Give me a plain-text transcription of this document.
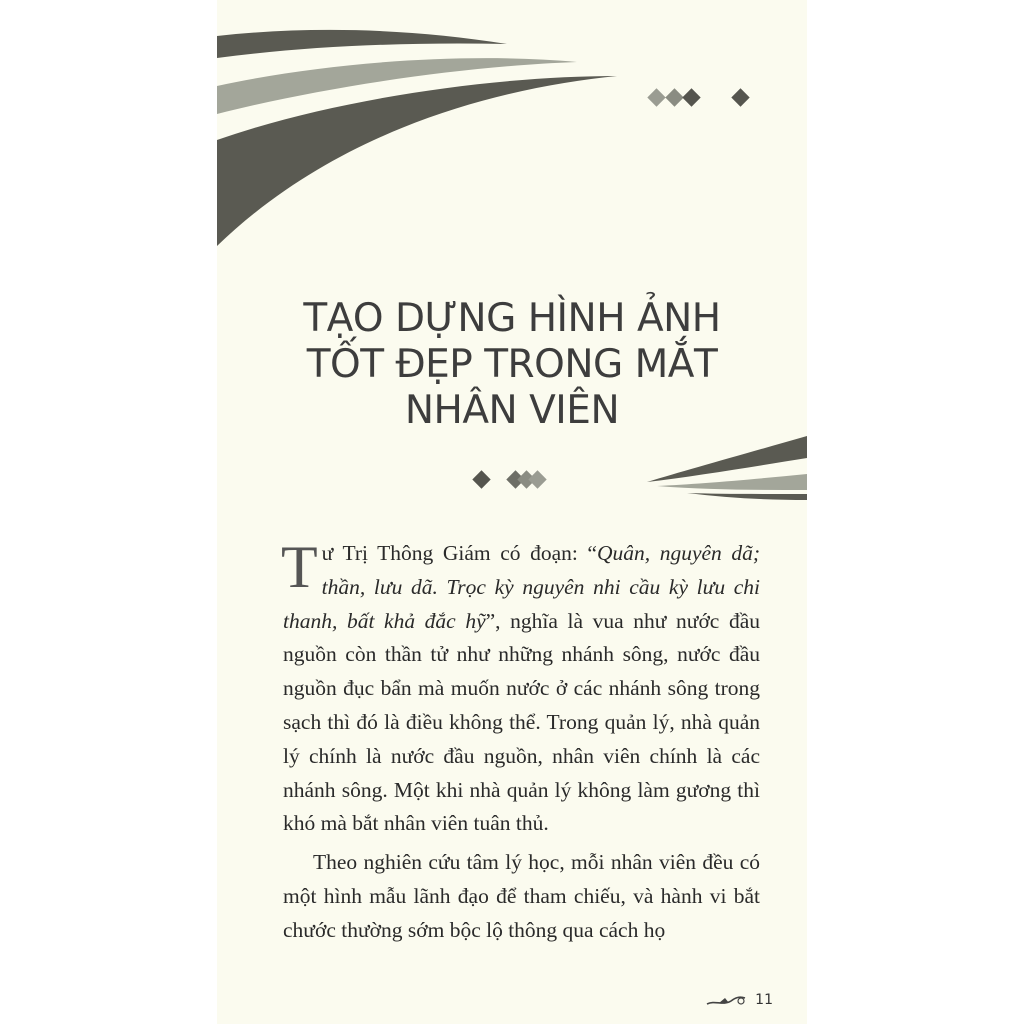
TẠO DỰNG HÌNH ẢNH
TỐT ĐẸP TRONG MẮT
NHÂN VIÊN

Tư Trị Thông Giám có đoạn: “Quân, nguyên dã; thần, lưu dã. Trọc kỳ nguyên nhi cầu kỳ lưu chi thanh, bất khả đắc hỹ”, nghĩa là vua như nước đầu nguồn còn thần tử như những nhánh sông, nước đầu nguồn đục bẩn mà muốn nước ở các nhánh sông trong sạch thì đó là điều không thể. Trong quản lý, nhà quản lý chính là nước đầu nguồn, nhân viên chính là các nhánh sông. Một khi nhà quản lý không làm gương thì khó mà bắt nhân viên tuân thủ.

Theo nghiên cứu tâm lý học, mỗi nhân viên đều có một hình mẫu lãnh đạo để tham chiếu, và hành vi bắt chước thường sớm bộc lộ thông qua cách họ

11
